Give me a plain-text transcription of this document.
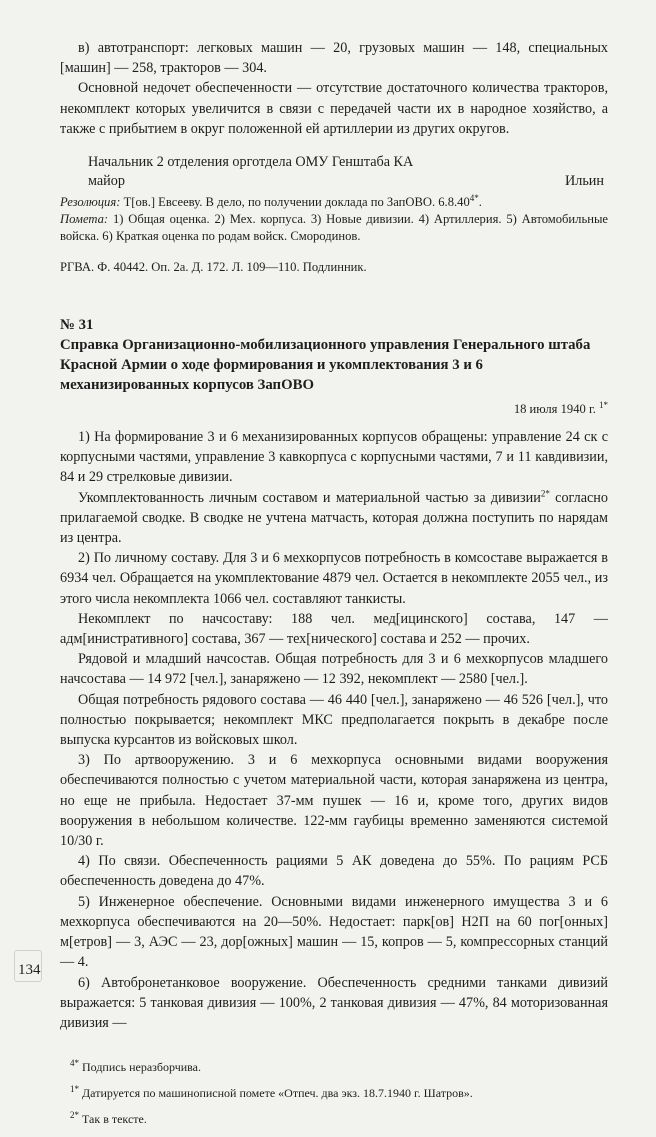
в) автотранспорт: легковых машин — 20, грузовых машин — 148, специальных [машин] — 258, тракторов — 304.

Основной недочет обеспеченности — отсутствие достаточного количества тракторов, некомплект которых увеличится в связи с передачей части их в народное хозяйство, а также с прибытием в округ положенной ей артиллерии из других округов.

Начальник 2 отделения орготдела ОМУ Генштаба КА
майор	Ильин

Резолюция: Т[ов.] Евсееву. В дело, по получении доклада по ЗапОВО. $6.8.40^{4*}$.

Помета: 1) Общая оценка. 2) Мех. корпуса. 3) Новые дивизии. 4) Артиллерия. 5) Автомобильные войска. 6) Краткая оценка по родам войск. Смородинов.

РГВА. Ф. 40442. Оп. 2а. Д. 172. Л. 109—110. Подлинник.

№ 31

Справка Организационно-мобилизационного управления Генерального штаба Красной Армии о ходе формирования и укомплектования 3 и 6 механизированных корпусов ЗапОВО

18 июля 1940 г. $^{1*}$

1) На формирование 3 и 6 механизированных корпусов обращены: управление 24 ск с корпусными частями, управление 3 кавкорпуса с корпусными частями, 7 и 11 кавдивизии, 84 и 29 стрелковые дивизии.

Укомплектованность личным составом и материальной частью за дивизии$^{2*}$ согласно прилагаемой сводке. В сводке не учтена матчасть, которая должна поступить по нарядам из центра.

2) По личному составу. Для 3 и 6 мехкорпусов потребность в комсоставе выражается в 6934 чел. Обращается на укомплектование 4879 чел. Остается в некомплекте 2055 чел., из этого числа некомплекта 1066 чел. составляют танкисты.

Некомплект по начсоставу: 188 чел. мед[ицинского] состава, 147 —адм[инистративного] состава, 367 — тех[нического] состава и 252 — прочих.

Рядовой и младший начсостав. Общая потребность для 3 и 6 мехкорпусов младшего начсостава — 14 972 [чел.], занаряжено — 12 392, некомплект — 2580 [чел.].

Общая потребность рядового состава — 46 440 [чел.], занаряжено — 46 526 [чел.], что полностью покрывается; некомплект МКС предполагается покрыть в декабре после выпуска курсантов из войсковых школ.

3) По артвооружению. 3 и 6 мехкорпуса основными видами вооружения обеспечиваются полностью с учетом материальной части, которая занаряжена из центра, но еще не прибыла. Недостает 37-мм пушек — 16 и, кроме того, других видов вооружения в небольшом количестве. 122-мм гаубицы временно заменяются системой 10/30 г.

4) По связи. Обеспеченность рациями 5 АК доведена до 55%. По рациям РСБ обеспеченность доведена до 47%.

5) Инженерное обеспечение. Основными видами инженерного имущества 3 и 6 мехкорпуса обеспечиваются на 20—50%. Недостает: парк[ов] Н2П на 60 пог[онных] м[етров] — 3, АЭС — 23, дор[ожных] машин — 15, копров — 5, компрессорных станций — 4.

6) Автобронетанковое вооружение. Обеспеченность средними танками дивизий выражается: 5 танковая дивизия — 100%, 2 танковая дивизия — 47%, 84 моторизованная дивизия —

$^{4*}$ Подпись неразборчива.

$^{1*}$ Датируется по машинописной помете «Отпеч. два экз. 18.7.1940 г. Шатров».

$^{2*}$ Так в тексте.

134
